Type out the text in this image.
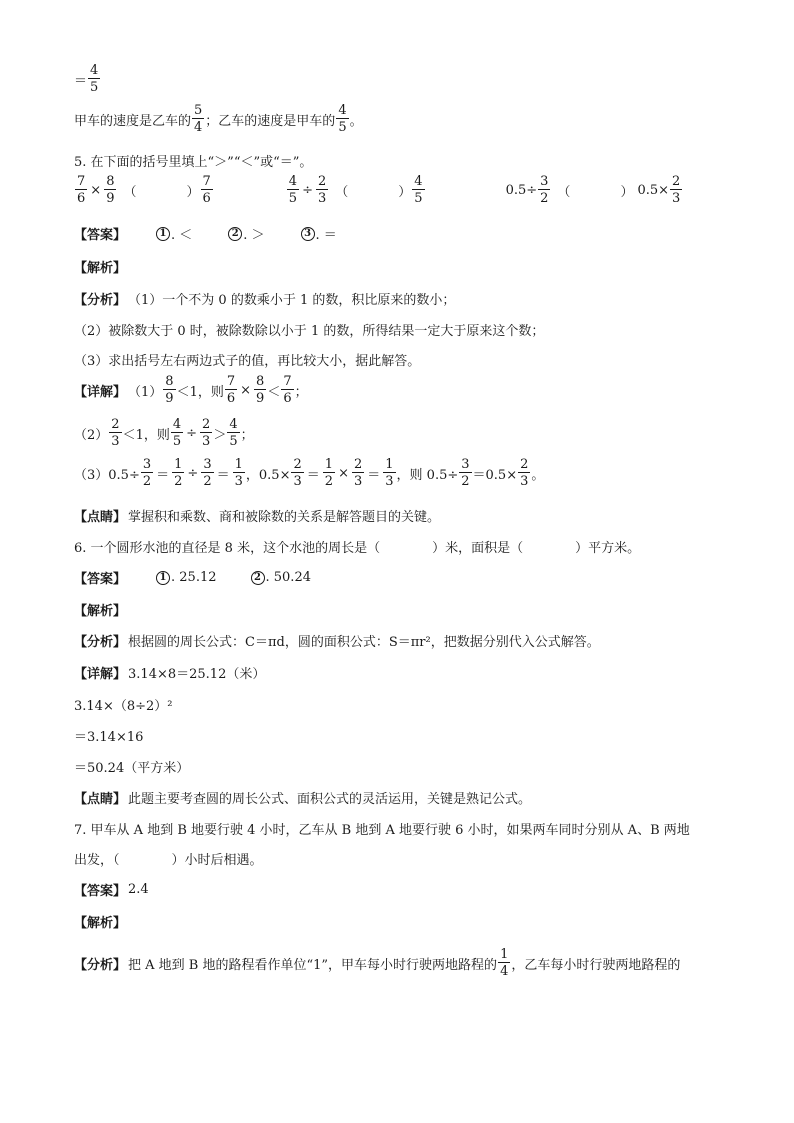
＝ $\frac{4}{5}$
甲车的速度是乙车的 $\frac{5}{4}$ ；乙车的速度是甲车的 $\frac{4}{5}$ 。
5. 在下面的括号里填上“＞”“＜”或“＝”。
$\frac{7}{6} \times \frac{8}{9}$ （	） $\frac{7}{6}$	$\frac{4}{5} \div \frac{2}{3}$ （	） $\frac{4}{5}$	$0.5\div \frac{3}{2}$ （	） $0.5\times \frac{2}{3}$
【答案】	1 . ＜	2 . ＞	3 . ＝
【解析】
【分析】 （1）一个不为 0 的数乘小于 1 的数，积比原来的数小；
（2）被除数大于 0 时，被除数除以小于 1 的数，所得结果一定大于原来这个数；
（3）求出括号左右两边式子的值，再比较大小，据此解答。
【详解】 $(1) \frac{8}{9} <1$，则 $\frac{7}{6} \times \frac{8}{9} < \frac{7}{6}$ ；
$(2) \frac{2}{3} <1$，则 $\frac{4}{5} \div \frac{2}{3} > \frac{4}{5}$ ；
$(3)0.5\div \frac{3}{2} = \frac{1}{2} \div \frac{3}{2} = \frac{1}{3}$ ，$0.5\times \frac{2}{3} = \frac{1}{2} \times \frac{2}{3} = \frac{1}{3}$ ，则 $0.5\div \frac{3}{2} =0.5\times \frac{2}{3}$ 。
【点睛】 掌握积和乘数、商和被除数的关系是解答题目的关键。
6. 一个圆形水池的直径是 8 米，这个水池的周长是（　　　　）米，面积是（　　　　）平方米。
【答案】	1 . 25.12	2 . 50.24
【解析】
【分析】 根据圆的周长公式：C＝πd，圆的面积公式：S＝πr²，把数据分别代入公式解答。
【详解】 3.14×8＝25.12（米）
3.14×（8÷2）²
＝3.14×16
＝50.24（平方米）
【点睛】 此题主要考查圆的周长公式、面积公式的灵活运用，关键是熟记公式。
7. 甲车从 A 地到 B 地要行驶 4 小时，乙车从 B 地到 A 地要行驶 6 小时，如果两车同时分别从 A、B 两地
出发，（　　　　）小时后相遇。
【答案】 2.4
【解析】
【分析】 把 A 地到 B 地的路程看作单位“1”，甲车每小时行驶两地路程的 $\frac{1}{4}$ ，乙车每小时行驶两地路程的
